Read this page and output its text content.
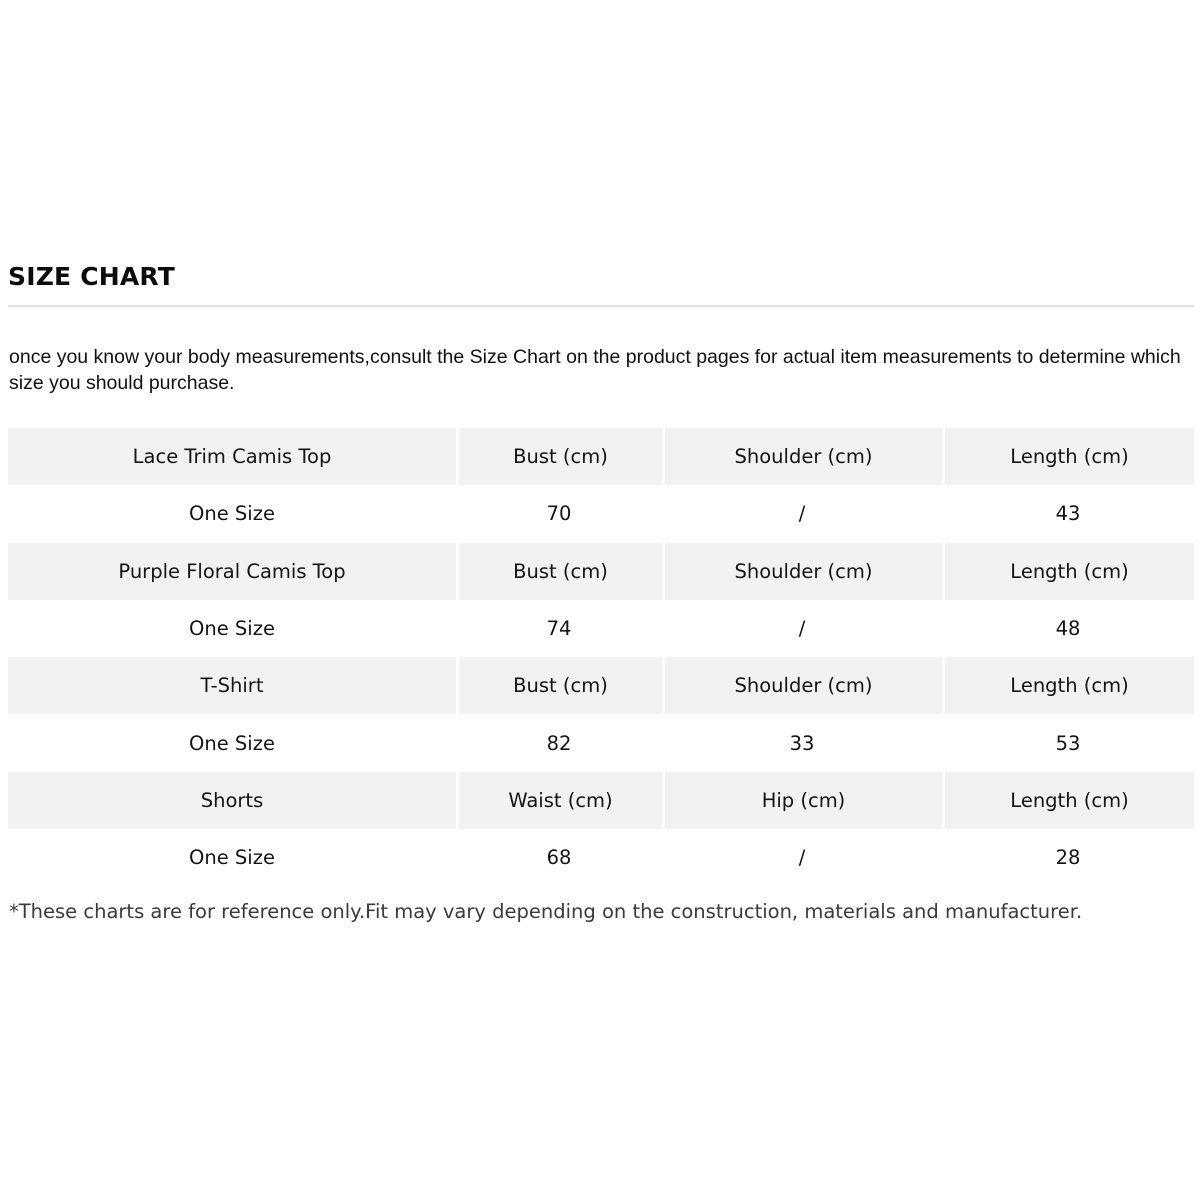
SIZE CHART
once you know your body measurements,consult the Size Chart on the product pages for actual item measurements to determine which size you should purchase.
Lace Trim Camis Top	Bust (cm)	Shoulder (cm)	Length (cm)
One Size	70	/	43
Purple Floral Camis Top	Bust (cm)	Shoulder (cm)	Length (cm)
One Size	74	/	48
T-Shirt	Bust (cm)	Shoulder (cm)	Length (cm)
One Size	82	33	53
Shorts	Waist (cm)	Hip (cm)	Length (cm)
One Size	68	/	28
*These charts are for reference only.Fit may vary depending on the construction, materials and manufacturer.
